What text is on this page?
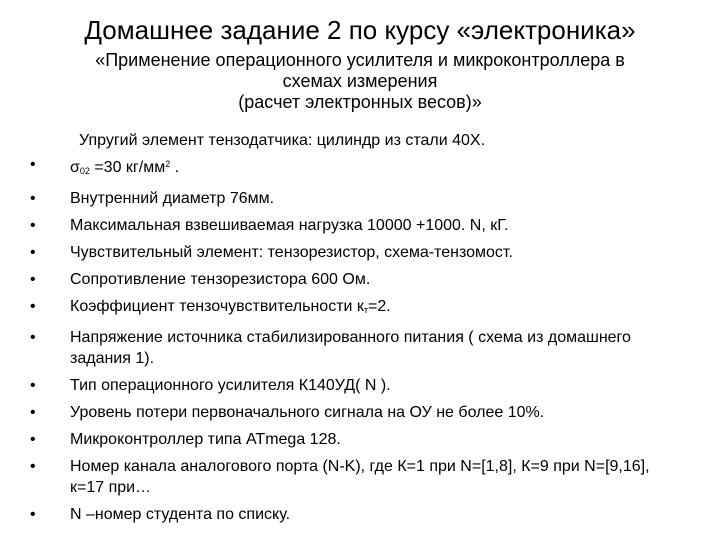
Домашнее задание 2 по курсу «электроника»
«Применение операционного усилителя и микроконтроллера в
схемах измерения
(расчет электронных весов)»
Упругий элемент тензодатчика: цилиндр из стали 40Х.
• $\sigma_{02} =30$ $кг/мм^2$ .
• Внутренний диаметр 76мм.
• Максимальная взвешиваемая нагрузка 10000 +1000. N, кГ.
• Чувствительный элемент: тензорезистор, схема-тензомост.
• Сопротивление тензорезистора 600 Ом.
• Коэффициент тензочувствительности $к_т=2$.
• Напряжение источника стабилизированного питания ( схема из домашнего задания 1).
• Тип операционного усилителя К140УД( N ).
• Уровень потери первоначального сигнала на ОУ не более 10%.
• Микроконтроллер типа ATmega 128.
• Номер канала аналогового порта (N-K), где К=1 при N=[1,8], К=9 при N=[9,16], к=17 при…
• N –номер студента по списку.
